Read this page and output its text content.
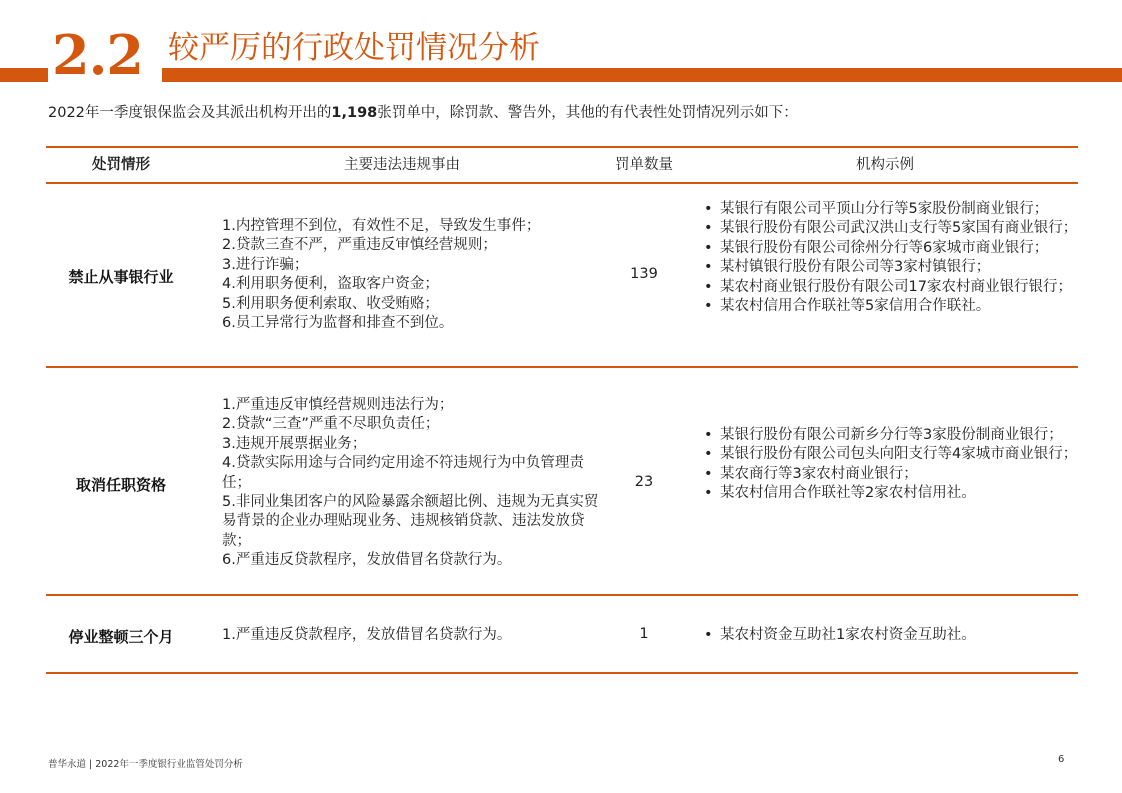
2.2 较严厉的行政处罚情况分析
2022年一季度银保监会及其派出机构开出的1,198张罚单中，除罚款、警告外，其他的有代表性处罚情况列示如下：
处罚情形	主要违法违规事由	罚单数量	机构示例
禁止从事银行业
1.内控管理不到位，有效性不足，导致发生事件；
2.贷款三查不严，严重违反审慎经营规则；
3.进行诈骗；
4.利用职务便利，盗取客户资金；
5.利用职务便利索取、收受贿赂；
6.员工异常行为监督和排查不到位。
139
• 某银行有限公司平顶山分行等5家股份制商业银行；
• 某银行股份有限公司武汉洪山支行等5家国有商业银行；
• 某银行股份有限公司徐州分行等6家城市商业银行；
• 某村镇银行股份有限公司等3家村镇银行；
• 某农村商业银行股份有限公司17家农村商业银行银行；
• 某农村信用合作联社等5家信用合作联社。
取消任职资格
1.严重违反审慎经营规则违法行为；
2.贷款“三查”严重不尽职负责任；
3.违规开展票据业务；
4.贷款实际用途与合同约定用途不符违规行为中负管理责任；
5.非同业集团客户的风险暴露余额超比例、违规为无真实贸易背景的企业办理贴现业务、违规核销贷款、违法发放贷款；
6.严重违反贷款程序，发放借冒名贷款行为。
23
• 某银行股份有限公司新乡分行等3家股份制商业银行；
• 某银行股份有限公司包头向阳支行等4家城市商业银行；
• 某农商行等3家农村商业银行；
• 某农村信用合作联社等2家农村信用社。
停业整顿三个月	1.严重违反贷款程序，发放借冒名贷款行为。	1
•	某农村资金互助社1家农村资金互助社。
普华永道 | 2022年一季度银行业监管处罚分析	6
